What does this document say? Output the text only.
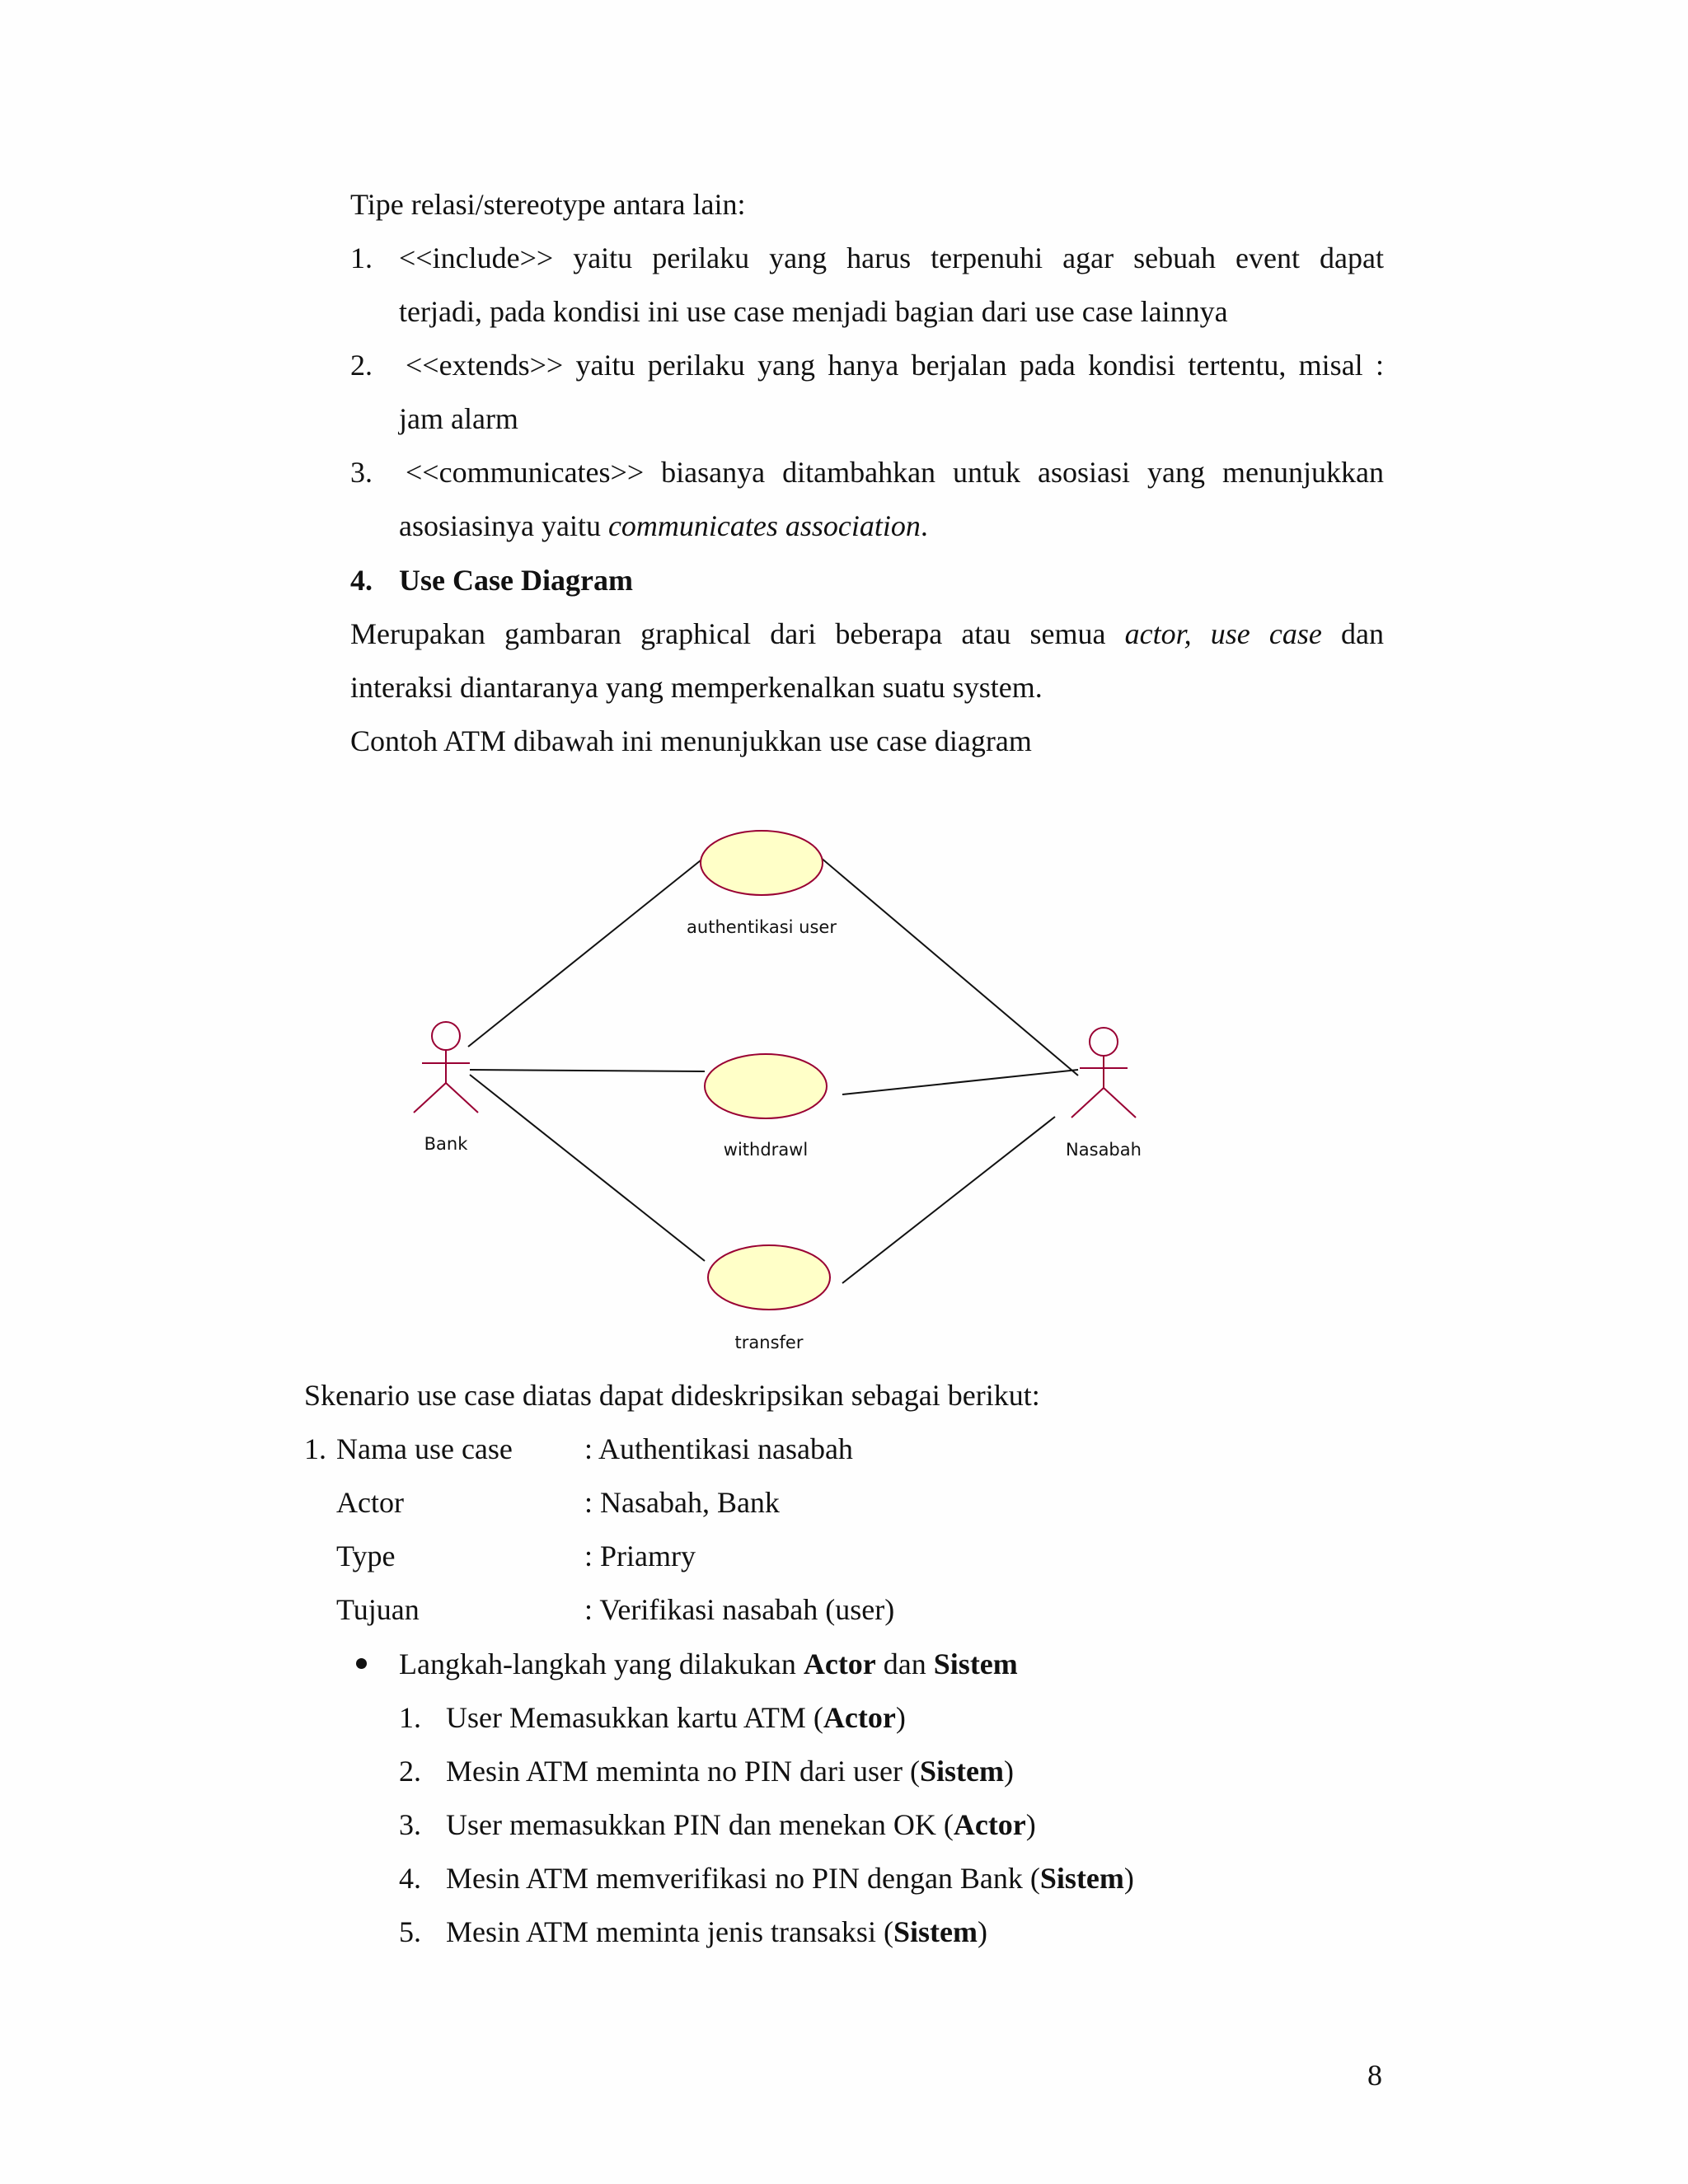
Tipe relasi/stereotype antara lain:
1. <<include>> yaitu perilaku yang harus terpenuhi agar sebuah event dapat
terjadi, pada kondisi ini use case menjadi bagian dari use case lainnya
2. <<extends>> yaitu perilaku yang hanya berjalan pada kondisi tertentu, misal :
jam alarm
3. <<communicates>> biasanya ditambahkan untuk asosiasi yang menunjukkan
asosiasinya yaitu communicates association.
4. Use Case Diagram
Merupakan gambaran graphical dari beberapa atau semua actor, use case dan
interaksi diantaranya yang memperkenalkan suatu system.
Contoh ATM dibawah ini menunjukkan use case diagram
Bank	Nasabah
authentikasi user
withdrawl
transfer
Skenario use case diatas dapat dideskripsikan sebagai berikut:
1. Nama use case : Authentikasi nasabah
Actor	: Nasabah, Bank
Type	: Priamry
Tujuan	: Verifikasi nasabah (user)
Langkah-langkah yang dilakukan Actor dan Sistem
1. User Memasukkan kartu ATM (Actor)
2. Mesin ATM meminta no PIN dari user (Sistem)
3. User memasukkan PIN dan menekan OK (Actor)
4. Mesin ATM memverifikasi no PIN dengan Bank (Sistem)
5. Mesin ATM meminta jenis transaksi (Sistem)
8
